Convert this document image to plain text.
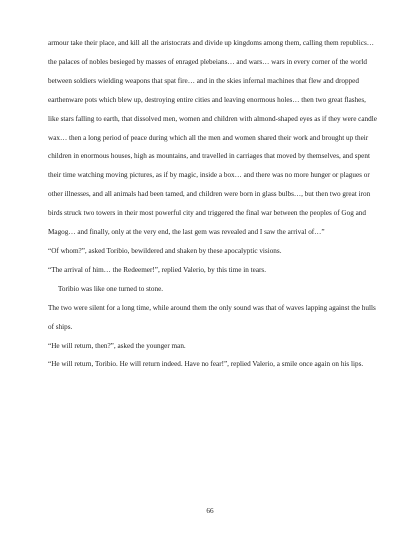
armour take their place, and kill all the aristocrats and divide up kingdoms among them, calling them republics… the palaces of nobles besieged by masses of enraged plebeians… and wars… wars in every corner of the world between soldiers wielding weapons that spat fire… and in the skies infernal machines that flew and dropped earthenware pots which blew up, destroying entire cities and leaving enormous holes… then two great flashes, like stars falling to earth, that dissolved men, women and children with almond-shaped eyes as if they were candle wax… then a long period of peace during which all the men and women shared their work and brought up their children in enormous houses, high as mountains, and travelled in carriages that moved by themselves, and spent their time watching moving pictures, as if by magic, inside a box… and there was no more hunger or plagues or other illnesses, and all animals had been tamed, and children were born in glass bulbs…, but then two great iron birds struck two towers in their most powerful city and triggered the final war between the peoples of Gog and Magog… and finally, only at the very end, the last gem was revealed and I saw the arrival of…”

“Of whom?”, asked Toribio, bewildered and shaken by these apocalyptic visions.

“The arrival of him… the Redeemer!”, replied Valerio, by this time in tears.

Toribio was like one turned to stone.

The two were silent for a long time, while around them the only sound was that of waves lapping against the hulls of ships.

“He will return, then?”, asked the younger man.

“He will return, Toribio. He will return indeed. Have no fear!”, replied Valerio, a smile once again on his lips.

66
